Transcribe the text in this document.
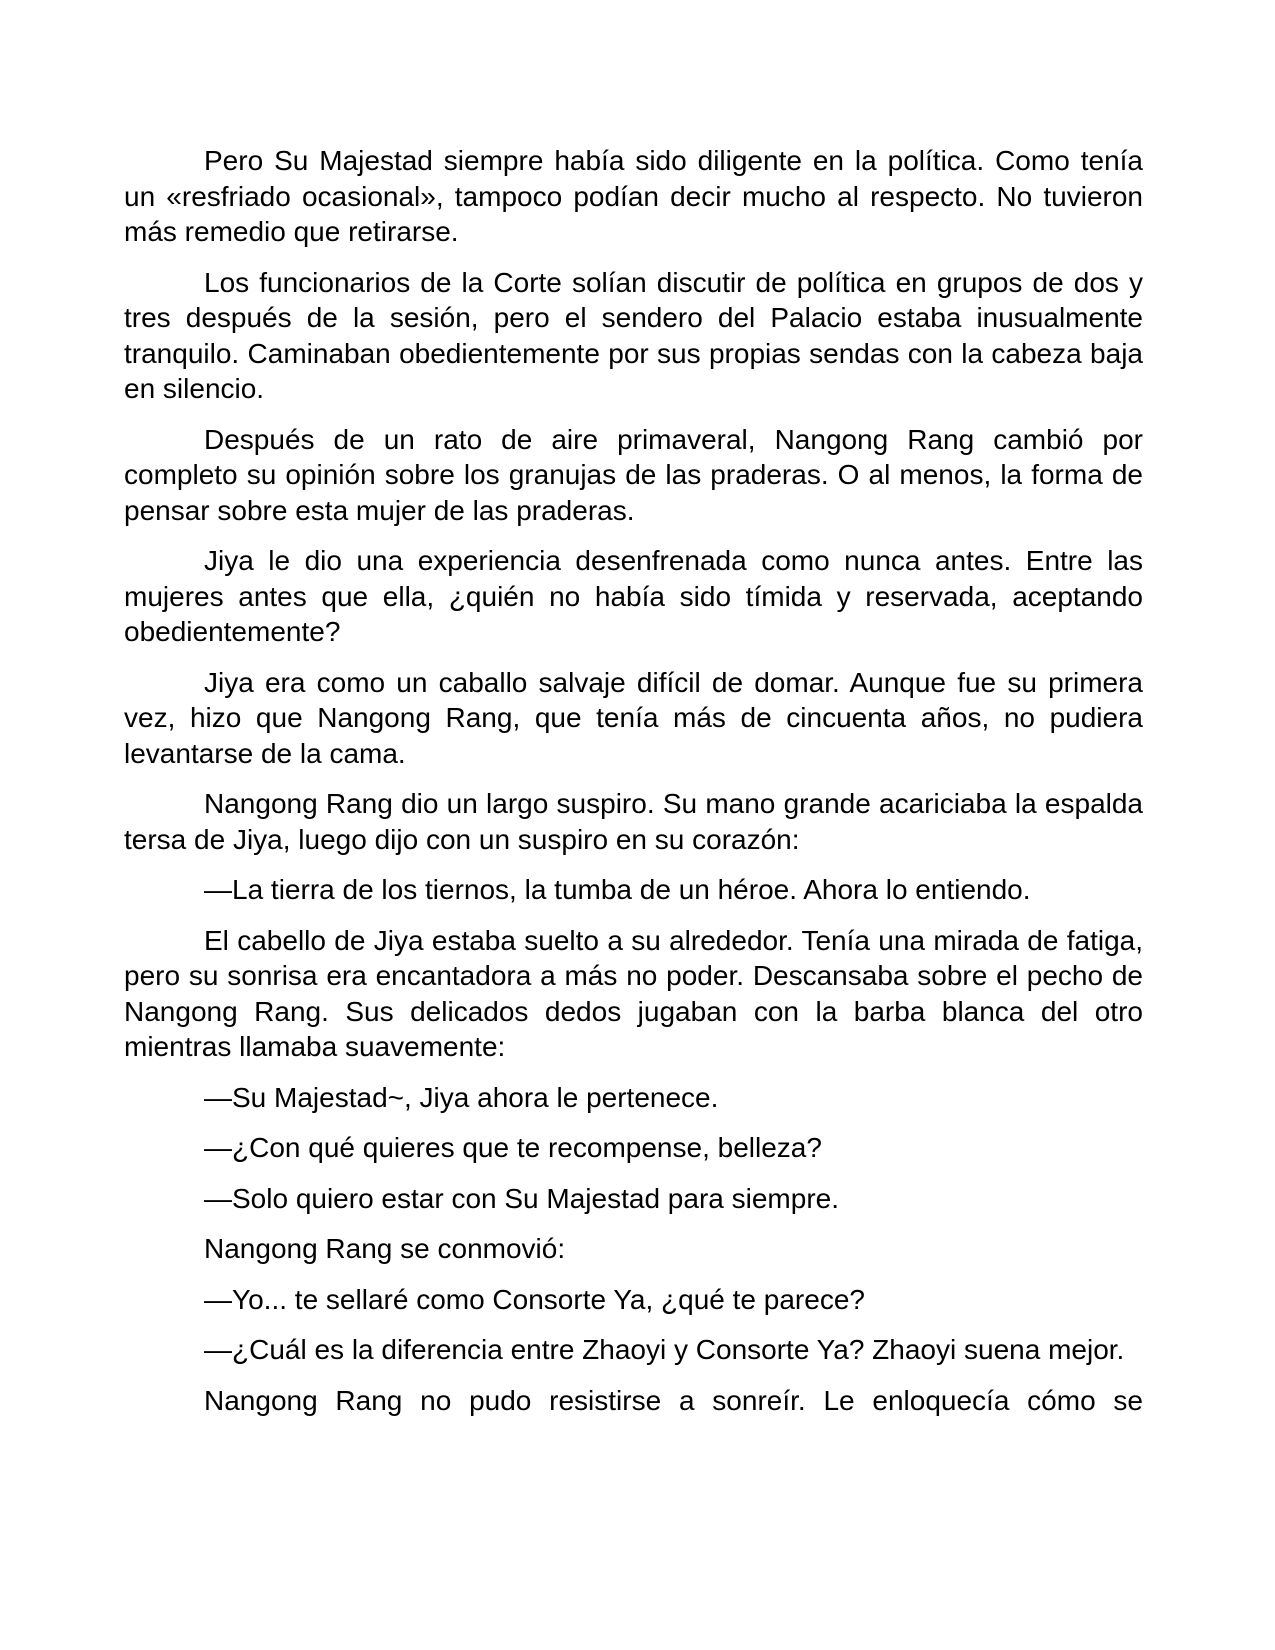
Pero Su Majestad siempre había sido diligente en la política. Como tenía un «resfriado ocasional», tampoco podían decir mucho al respecto. No tuvieron más remedio que retirarse.

Los funcionarios de la Corte solían discutir de política en grupos de dos y tres después de la sesión, pero el sendero del Palacio estaba inusualmente tranquilo. Caminaban obedientemente por sus propias sendas con la cabeza baja en silencio.

Después de un rato de aire primaveral, Nangong Rang cambió por completo su opinión sobre los granujas de las praderas. O al menos, la forma de pensar sobre esta mujer de las praderas.

Jiya le dio una experiencia desenfrenada como nunca antes. Entre las mujeres antes que ella, ¿quién no había sido tímida y reservada, aceptando obedientemente?

Jiya era como un caballo salvaje difícil de domar. Aunque fue su primera vez, hizo que Nangong Rang, que tenía más de cincuenta años, no pudiera levantarse de la cama.

Nangong Rang dio un largo suspiro. Su mano grande acariciaba la espalda tersa de Jiya, luego dijo con un suspiro en su corazón:

—La tierra de los tiernos, la tumba de un héroe. Ahora lo entiendo.

El cabello de Jiya estaba suelto a su alrededor. Tenía una mirada de fatiga, pero su sonrisa era encantadora a más no poder. Descansaba sobre el pecho de Nangong Rang. Sus delicados dedos jugaban con la barba blanca del otro mientras llamaba suavemente:

—Su Majestad~, Jiya ahora le pertenece.

—¿Con qué quieres que te recompense, belleza?

—Solo quiero estar con Su Majestad para siempre.

Nangong Rang se conmovió:

—Yo... te sellaré como Consorte Ya, ¿qué te parece?

—¿Cuál es la diferencia entre Zhaoyi y Consorte Ya? Zhaoyi suena mejor.

Nangong Rang no pudo resistirse a sonreír. Le enloquecía cómo se
